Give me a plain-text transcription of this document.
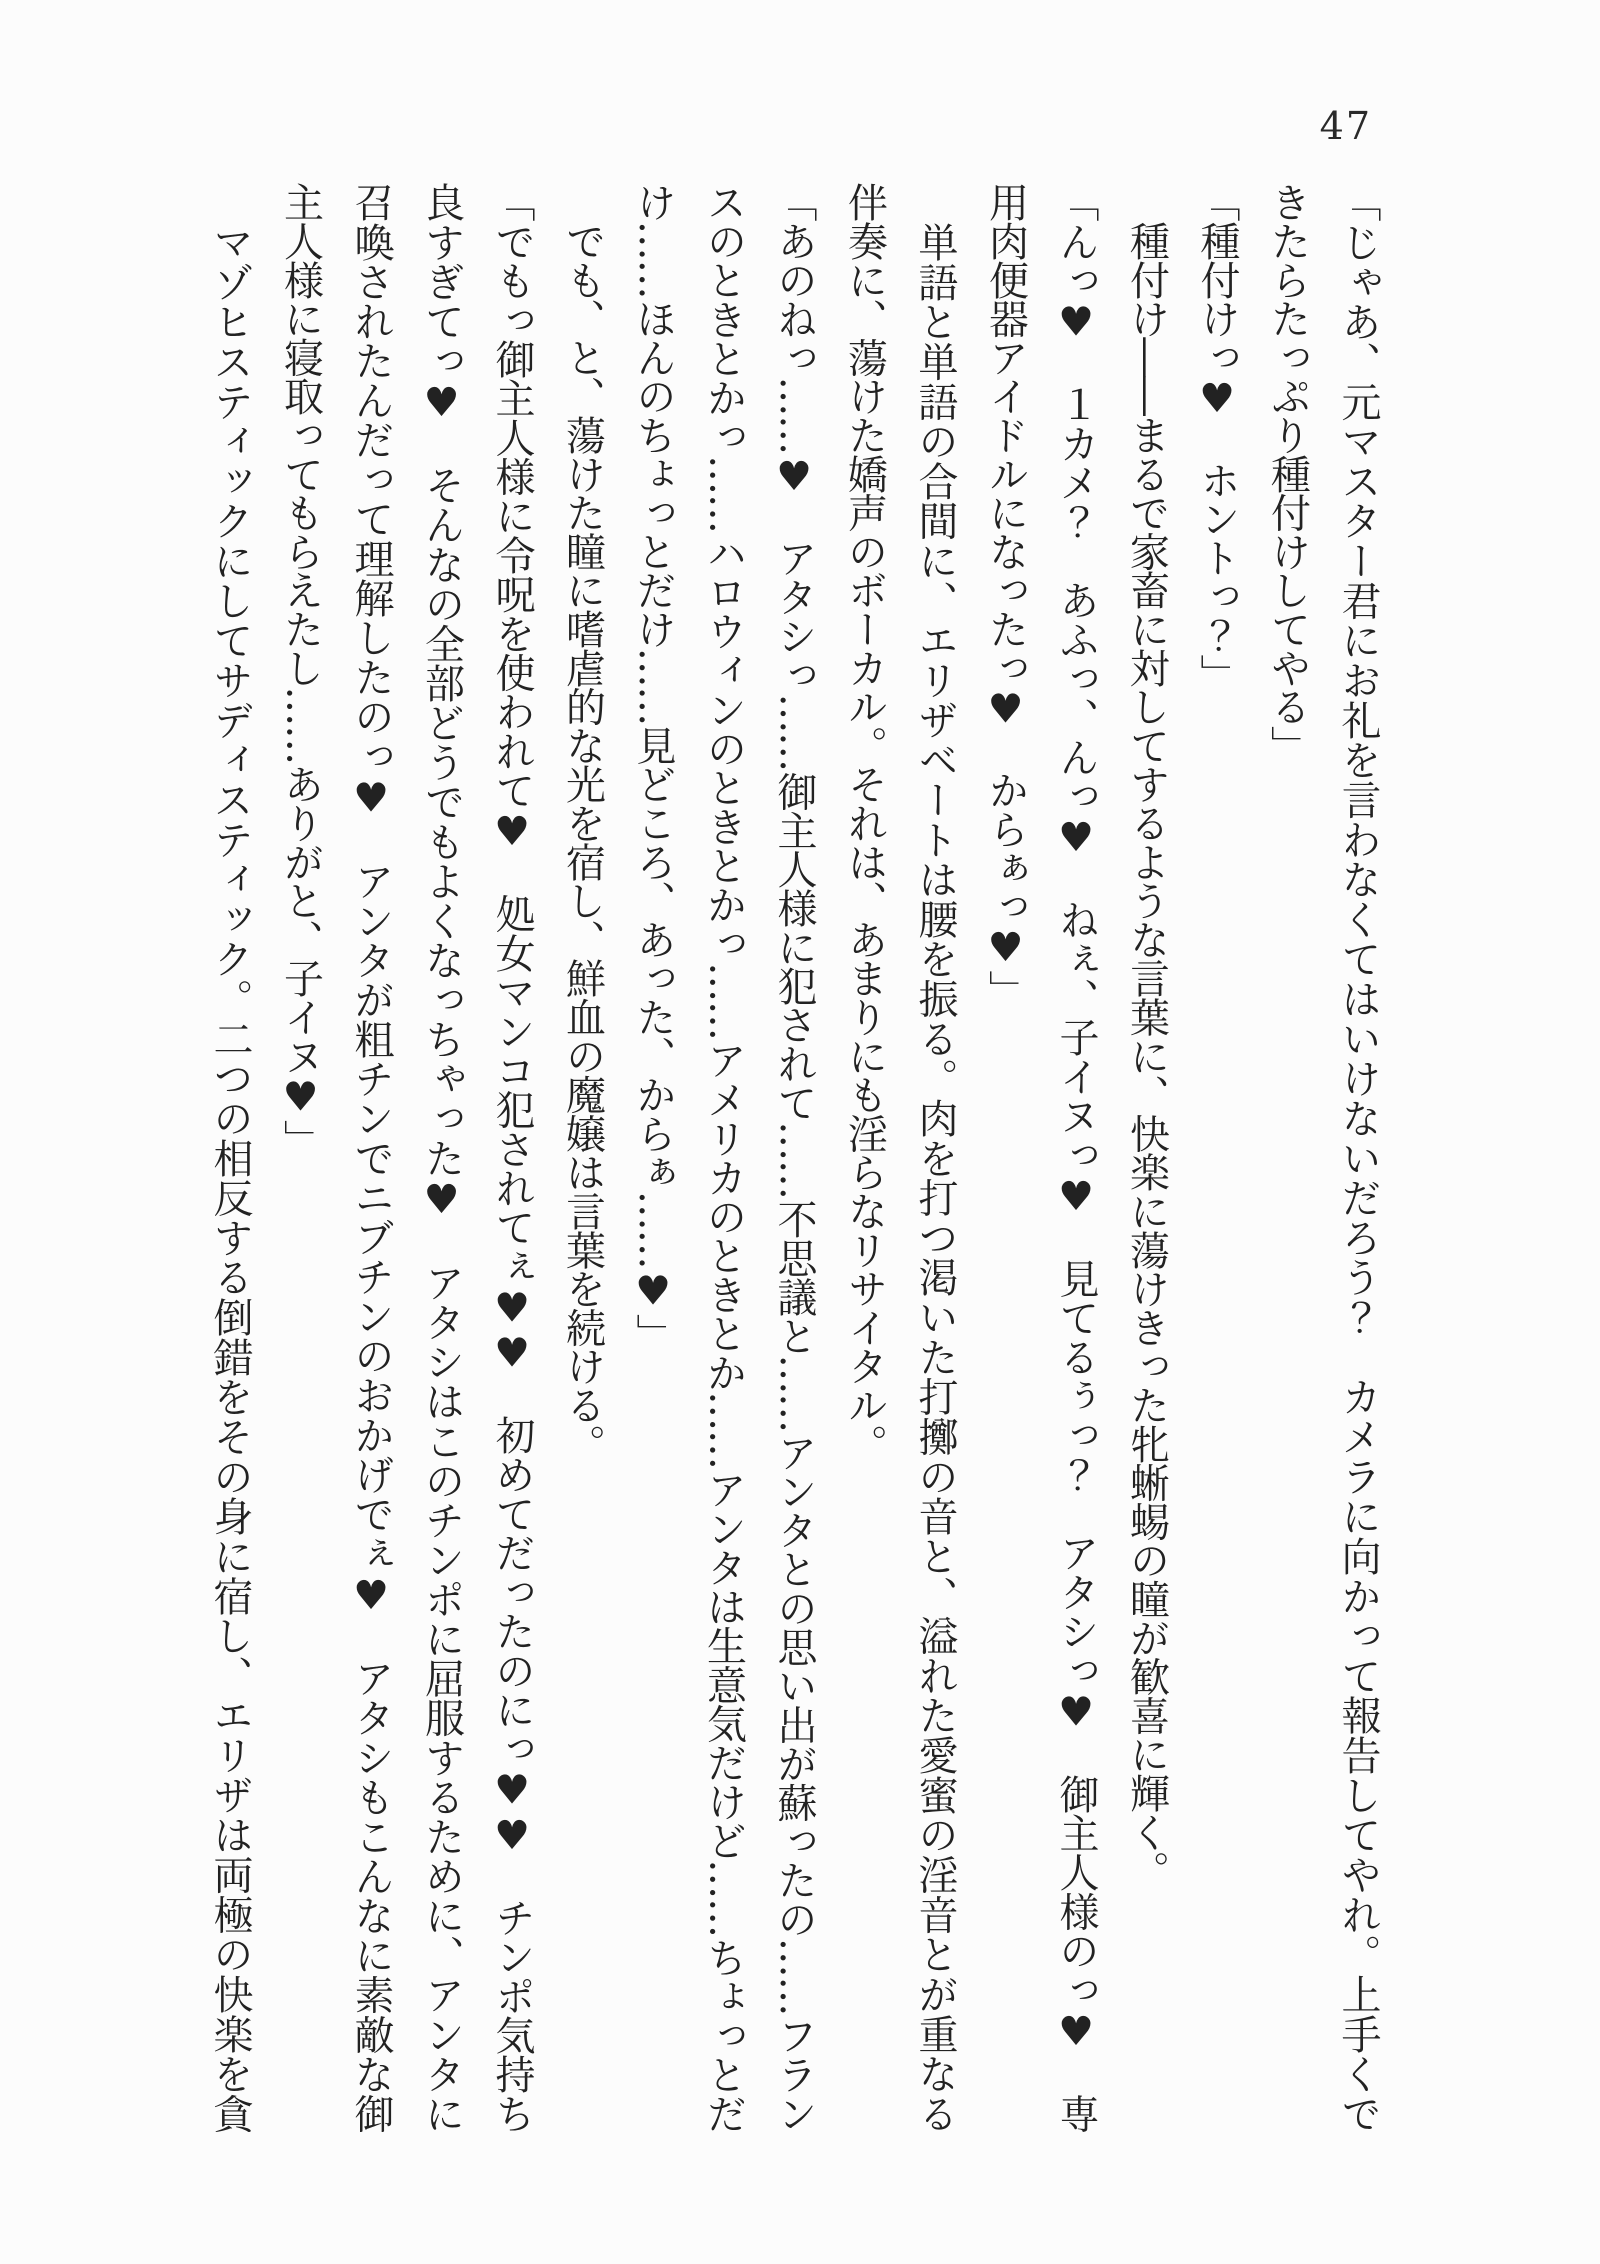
47
「じゃあ、元マスター君にお礼を言わなくてはいけないだろう？　カメラに向かって報告してやれ。上手くで
きたらたっぷり種付けしてやる」
「種付けっ♥　ホントっ？」
　種付け――まるで家畜に対してするような言葉に、快楽に蕩けきった牝蜥蜴の瞳が歓喜に輝く。
「んっ♥　１カメ？　あふっ、んっ♥　ねぇ、子イヌっ♥　見てるぅっ？　アタシっ♥　御主人様のっ♥　専
用肉便器アイドルになったっ♥　からぁっ♥」
　単語と単語の合間に、エリザベートは腰を振る。肉を打つ渇いた打擲の音と、溢れた愛蜜の淫音とが重なる
伴奏に、蕩けた嬌声のボーカル。それは、あまりにも淫らなリサイタル。
「あのねっ……♥　アタシっ……御主人様に犯されて……不思議と……アンタとの思い出が蘇ったの……フラン
スのときとかっ……ハロウィンのときとかっ……アメリカのときとか……アンタは生意気だけど……ちょっとだ
け……ほんのちょっとだけ……見どころ、あった、からぁ……♥」
　でも、と、蕩けた瞳に嗜虐的な光を宿し、鮮血の魔嬢は言葉を続ける。
「でもっ御主人様に令呪を使われて♥　処女マンコ犯されてぇ♥♥　初めてだったのにっ♥♥　チンポ気持ち
良すぎてっ♥　そんなの全部どうでもよくなっちゃった♥　アタシはこのチンポに屈服するために、アンタに
召喚されたんだって理解したのっ♥　アンタが粗チンでニブチンのおかげでぇ♥　アタシもこんなに素敵な御
主人様に寝取ってもらえたし……ありがと、子イヌ♥」
　マゾヒスティックにしてサディスティック。二つの相反する倒錯をその身に宿し、エリザは両極の快楽を貪
